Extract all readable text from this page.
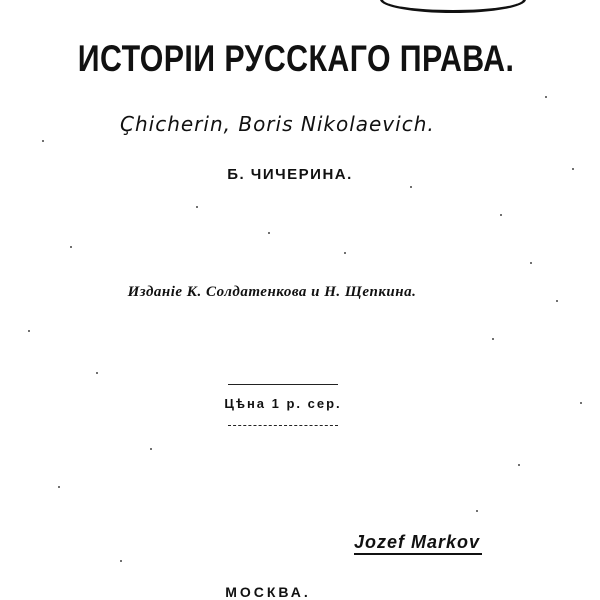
ИСТОРІИ РУССКАГО ПРАВА.
Çhicherin, Boris Nikolaevich.
Б. ЧИЧЕРИНА.
Изданіе К. Солдатенкова и Н. Щепкина.
Цѣна 1 р. сер.
Jozef Markov
МОСКВА.
